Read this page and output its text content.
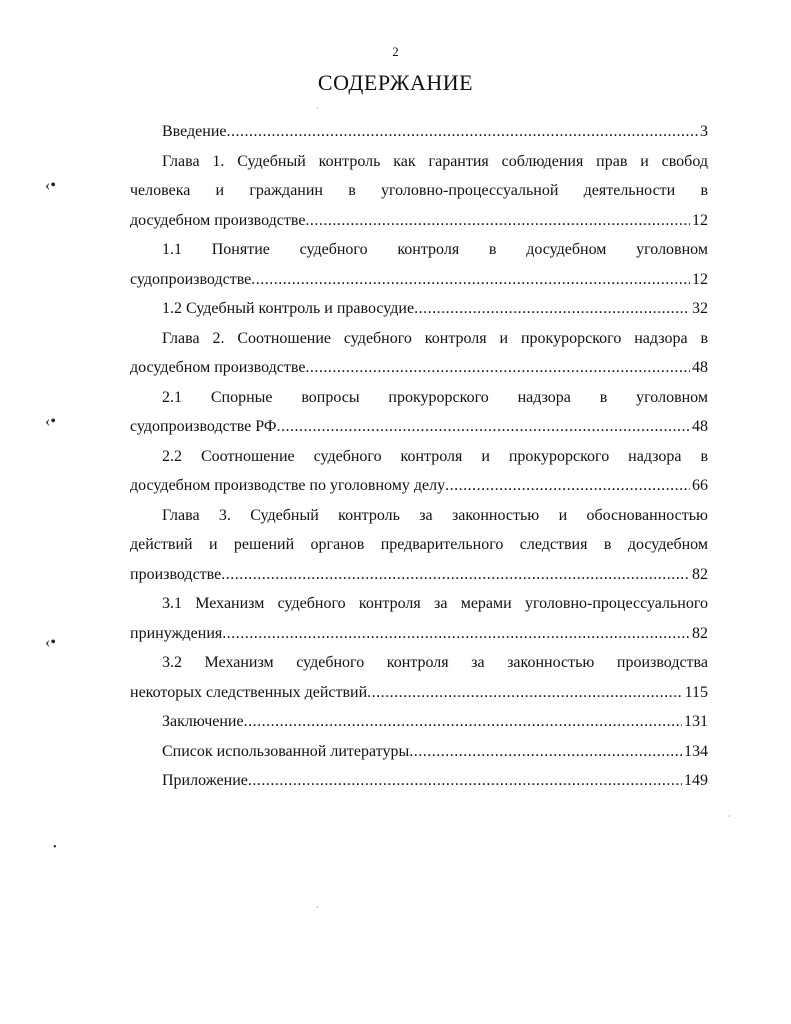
2
СОДЕРЖАНИЕ
Введение .....	3
Глава 1. Судебный контроль как гарантия соблюдения прав и свобод
человека и гражданин в уголовно-процессуальной деятельности в
досудебном производстве .....	12
1.1 Понятие судебного контроля в досудебном уголовном
судопроизводстве .....	12
1.2 Судебный контроль и правосудие .....	32
Глава 2. Соотношение судебного контроля и прокурорского надзора в
досудебном производстве .....	48
2.1 Спорные вопросы прокурорского надзора в уголовном
судопроизводстве РФ .....	48
2.2 Соотношение судебного контроля и прокурорского надзора в
досудебном производстве по уголовному делу .....	66
Глава 3. Судебный контроль за законностью и обоснованностью
действий и решений органов предварительного следствия в досудебном
производстве .....	82
3.1 Механизм судебного контроля за мерами уголовно-процессуального
принуждения .....	82
3.2 Механизм судебного контроля за законностью производства
некоторых следственных действий .....	115
Заключение .....	131
Список использованной литературы .....	134
Приложение .....	149
‹•
‹•
‹•
•
·
·
·
